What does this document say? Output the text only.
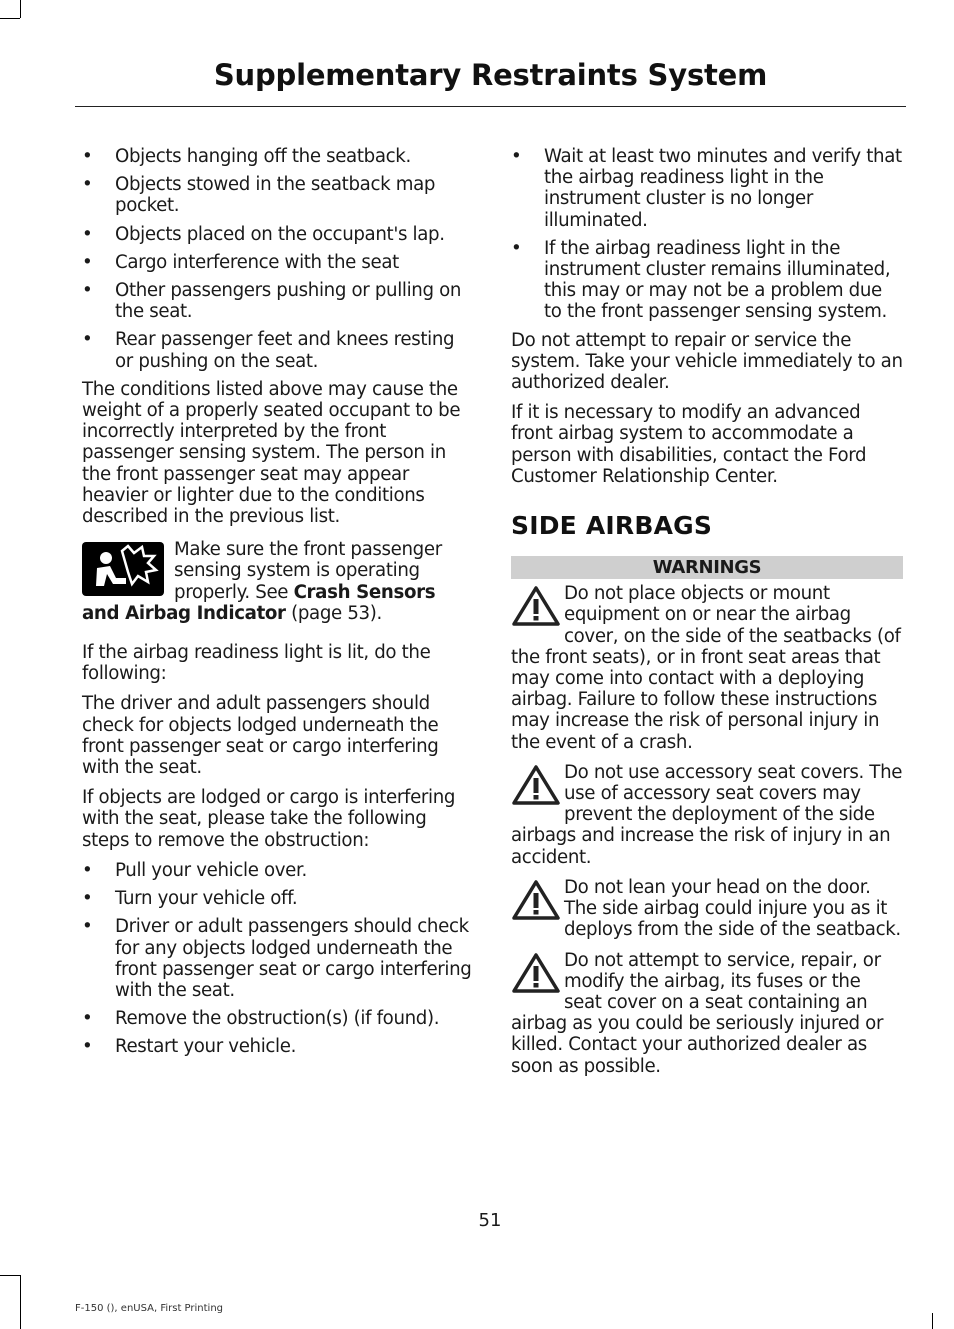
Supplementary Restraints System
•	Objects hanging off the seatback.
•	Objects stowed in the seatback map pocket.
•	Objects placed on the occupant's lap.
•	Cargo interference with the seat
•	Other passengers pushing or pulling on the seat.
•	Rear passenger feet and knees resting or pushing on the seat.

The conditions listed above may cause the weight of a properly seated occupant to be incorrectly interpreted by the front passenger sensing system. The person in the front passenger seat may appear heavier or lighter due to the conditions described in the previous list.

Make sure the front passenger sensing system is operating properly. See Crash Sensors and Airbag Indicator (page 53).

If the airbag readiness light is lit, do the following:

The driver and adult passengers should check for objects lodged underneath the front passenger seat or cargo interfering with the seat.

If objects are lodged or cargo is interfering with the seat, please take the following steps to remove the obstruction:

•	Pull your vehicle over.
•	Turn your vehicle off.
•	Driver or adult passengers should check for any objects lodged underneath the front passenger seat or cargo interfering with the seat.
•	Remove the obstruction(s) (if found).
•	Restart your vehicle.
•	Wait at least two minutes and verify that the airbag readiness light in the instrument cluster is no longer illuminated.
•	If the airbag readiness light in the instrument cluster remains illuminated, this may or may not be a problem due to the front passenger sensing system.

Do not attempt to repair or service the system. Take your vehicle immediately to an authorized dealer.

If it is necessary to modify an advanced front airbag system to accommodate a person with disabilities, contact the Ford Customer Relationship Center.

SIDE AIRBAGS
WARNINGS
Do not place objects or mount equipment on or near the airbag cover, on the side of the seatbacks (of the front seats), or in front seat areas that may come into contact with a deploying airbag. Failure to follow these instructions may increase the risk of personal injury in the event of a crash.
Do not use accessory seat covers. The use of accessory seat covers may prevent the deployment of the side airbags and increase the risk of injury in an accident.
Do not lean your head on the door. The side airbag could injure you as it deploys from the side of the seatback.
Do not attempt to service, repair, or modify the airbag, its fuses or the seat cover on a seat containing an airbag as you could be seriously injured or killed. Contact your authorized dealer as soon as possible.
51
F-150 (), enUSA, First Printing
